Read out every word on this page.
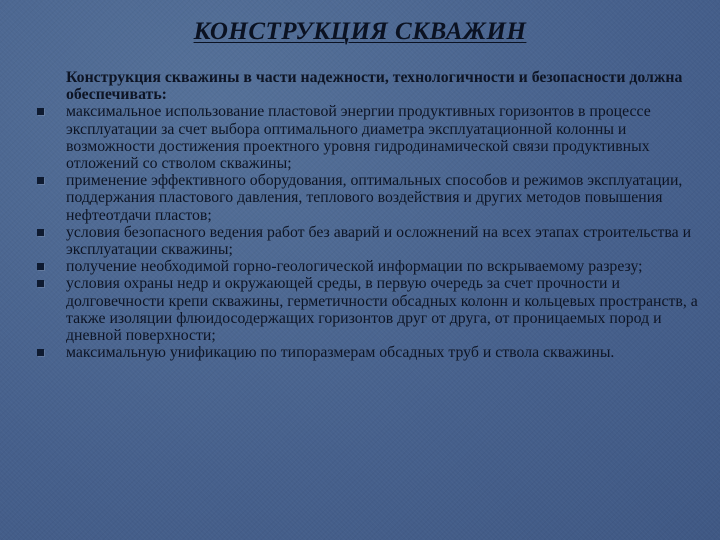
КОНСТРУКЦИЯ СКВАЖИН

Конструкция скважины в части надежности, технологичности и безопасности должна обеспечивать:

максимальное использование пластовой энергии продуктивных горизонтов в процессе эксплуатации за счет выбора оптимального диаметра эксплуатационной колонны и возможности достижения проектного уровня гидродинамической связи продуктивных отложений со стволом скважины;
применение эффективного оборудования, оптимальных способов и режимов эксплуатации, поддержания пластового давления, теплового воздействия и других методов повышения нефтеотдачи пластов;
условия безопасного ведения работ без аварий и осложнений на всех этапах строительства и эксплуатации скважины;
получение необходимой горно-геологической информации по вскрываемому разрезу;
условия охраны недр и окружающей среды, в первую очередь за счет прочности и долговечности крепи скважины, герметичности обсадных колонн и кольцевых пространств, а также изоляции флюидосодержащих горизонтов друг от друга, от проницаемых пород и дневной поверхности;
максимальную унификацию по типоразмерам обсадных труб и ствола скважины.
